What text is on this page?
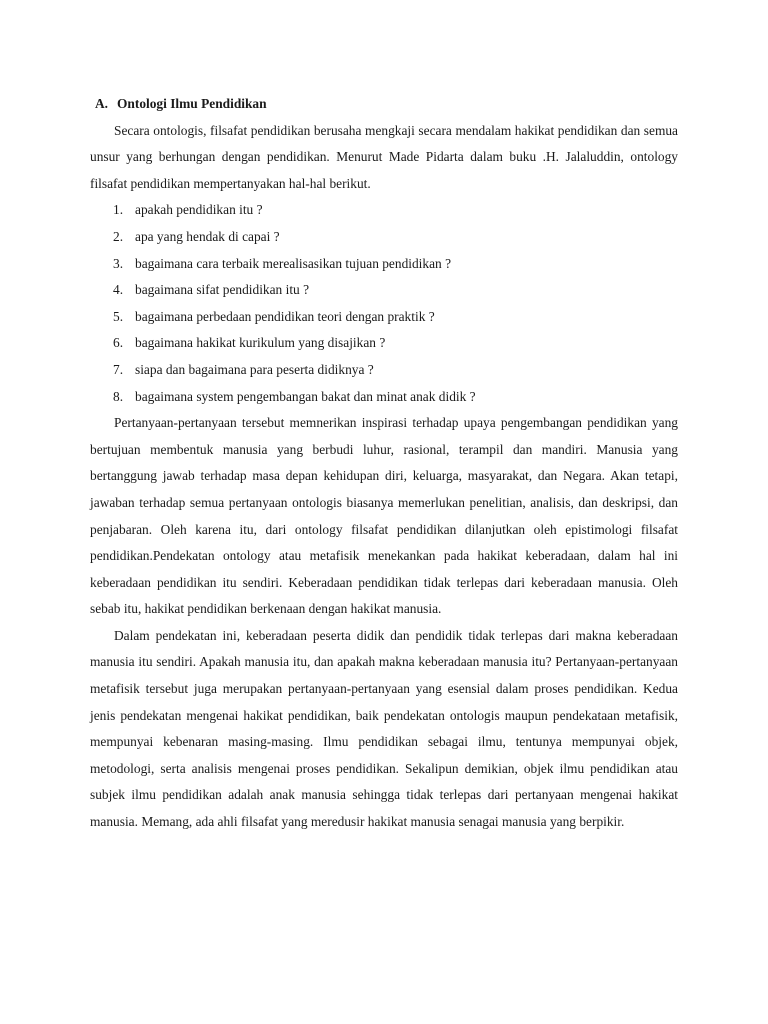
A. Ontologi Ilmu Pendidikan

Secara ontologis, filsafat pendidikan berusaha mengkaji secara mendalam hakikat pendidikan dan semua unsur yang berhungan dengan pendidikan. Menurut Made Pidarta dalam buku .H. Jalaluddin, ontology filsafat pendidikan mempertanyakan hal-hal berikut.

1. apakah pendidikan itu ?
2. apa yang hendak di capai ?
3. bagaimana cara terbaik merealisasikan tujuan pendidikan ?
4. bagaimana sifat pendidikan itu ?
5. bagaimana perbedaan pendidikan teori dengan praktik ?
6. bagaimana hakikat kurikulum yang disajikan ?
7. siapa dan bagaimana para peserta didiknya ?
8. bagaimana system pengembangan bakat dan minat anak didik ?

Pertanyaan-pertanyaan tersebut memnerikan inspirasi terhadap upaya pengembangan pendidikan yang bertujuan membentuk manusia yang berbudi luhur, rasional, terampil dan mandiri. Manusia yang bertanggung jawab terhadap masa depan kehidupan diri, keluarga, masyarakat, dan Negara. Akan tetapi, jawaban terhadap semua pertanyaan ontologis biasanya memerlukan penelitian, analisis, dan deskripsi, dan penjabaran. Oleh karena itu, dari ontology filsafat pendidikan dilanjutkan oleh epistimologi filsafat pendidikan.Pendekatan ontology atau metafisik menekankan pada hakikat keberadaan, dalam hal ini keberadaan pendidikan itu sendiri. Keberadaan pendidikan tidak terlepas dari keberadaan manusia. Oleh sebab itu, hakikat pendidikan berkenaan dengan hakikat manusia.

Dalam pendekatan ini, keberadaan peserta didik dan pendidik tidak terlepas dari makna keberadaan manusia itu sendiri. Apakah manusia itu, dan apakah makna keberadaan manusia itu? Pertanyaan-pertanyaan metafisik tersebut juga merupakan pertanyaan-pertanyaan yang esensial dalam proses pendidikan. Kedua jenis pendekatan mengenai hakikat pendidikan, baik pendekatan ontologis maupun pendekataan metafisik, mempunyai kebenaran masing-masing. Ilmu pendidikan sebagai ilmu, tentunya mempunyai objek, metodologi, serta analisis mengenai proses pendidikan. Sekalipun demikian, objek ilmu pendidikan atau subjek ilmu pendidikan adalah anak manusia sehingga tidak terlepas dari pertanyaan mengenai hakikat manusia. Memang, ada ahli filsafat yang meredusir hakikat manusia senagai manusia yang berpikir.
